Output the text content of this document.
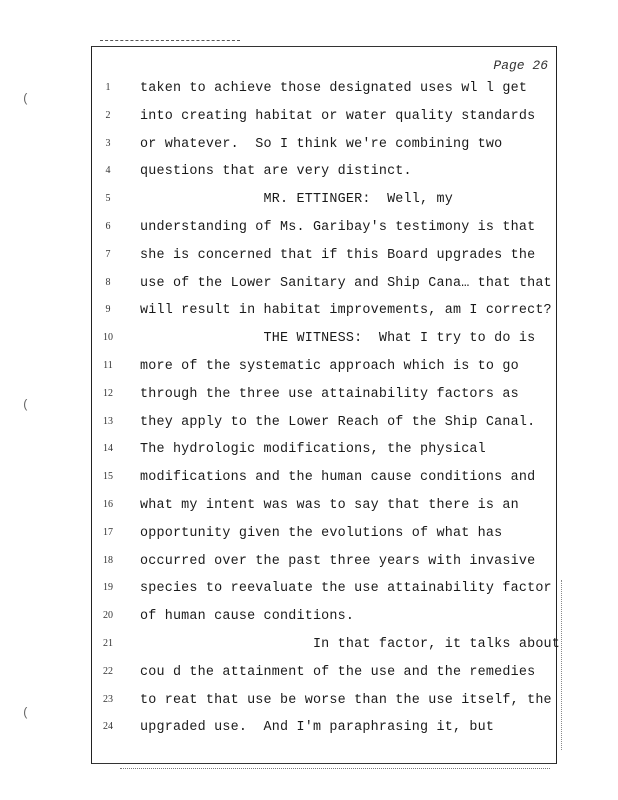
Page 26
(
(
(
1	taken to achieve those designated uses wl l get
2	into creating habitat or water quality standards
3	or whatever.  So I think we're combining two
4	questions that are very distinct.
5	MR. ETTINGER:  Well, my
6	understanding of Ms. Garibay's testimony is that
7	she is concerned that if this Board upgrades the
8	use of the Lower Sanitary and Ship Cana… that that
9	will result in habitat improvements, am I correct?
10	THE WITNESS:  What I try to do is
11	more of the systematic approach which is to go
12	through the three use attainability factors as
13	they apply to the Lower Reach of the Ship Canal.
14	The hydrologic modifications, the physical
15	modifications and the human cause conditions and
16	what my intent was was to say that there is an
17	opportunity given the evolutions of what has
18	occurred over the past three years with invasive
19	species to reevaluate the use attainability factor
20	of human cause conditions.
21	In that factor, it talks about
22	cou d the attainment of the use and the remedies
23	to reat that use be worse than the use itself, the
24	upgraded use.  And I'm paraphrasing it, but
